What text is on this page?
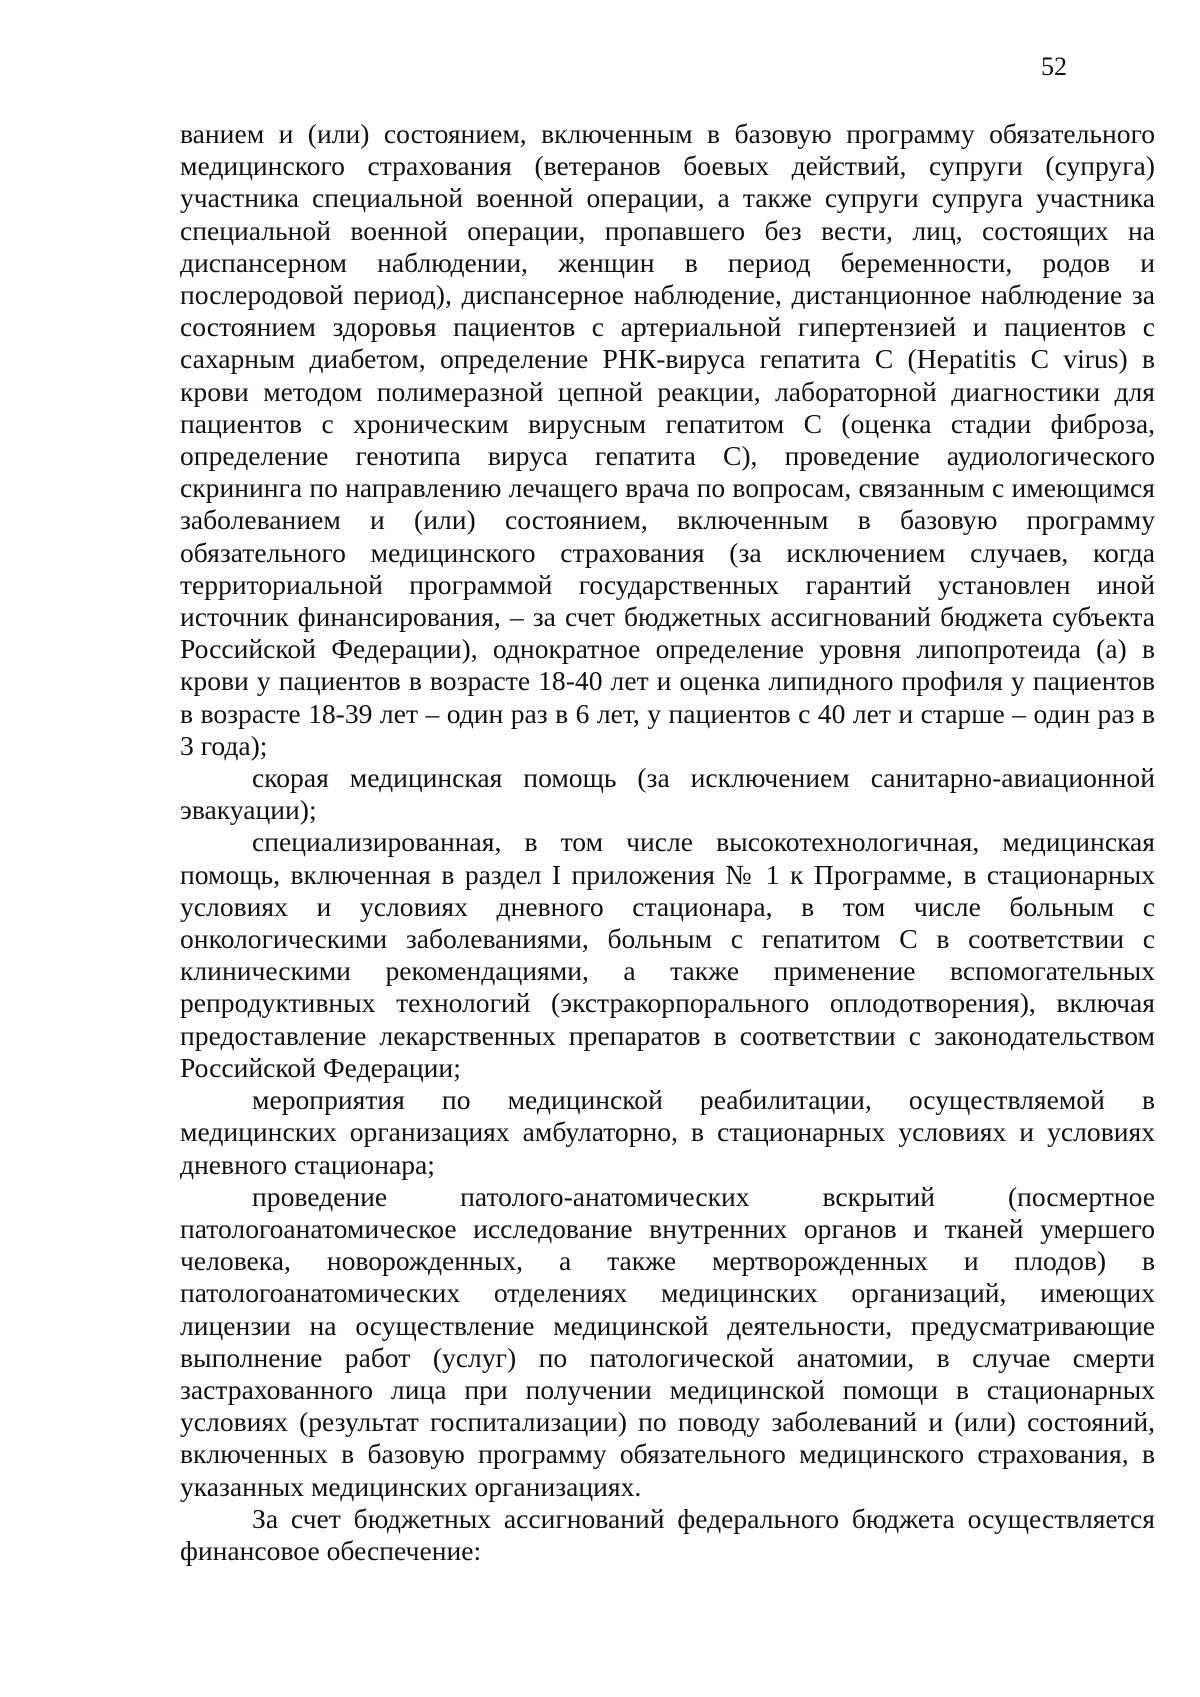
52

ванием и (или) состоянием, включенным в базовую программу обязательного медицинского страхования (ветеранов боевых действий, супруги (супруга) участника специальной военной операции, а также супруги супруга участника специальной военной операции, пропавшего без вести, лиц, состоящих на диспансерном наблюдении, женщин в период беременности, родов и послеродовой период), диспансерное наблюдение, дистанционное наблюдение за состоянием здоровья пациентов с артериальной гипертензией и пациентов с сахарным диабетом, определение РНК-вируса гепатита С (Hepatitis С virus) в крови методом полимеразной цепной реакции, лабораторной диагностики для пациентов с хроническим вирусным гепатитом С (оценка стадии фиброза, определение генотипа вируса гепатита С), проведение аудиологического скрининга по направлению лечащего врача по вопросам, связанным с имеющимся заболеванием и (или) состоянием, включенным в базовую программу обязательного медицинского страхования (за исключением случаев, когда территориальной программой государственных гарантий установлен иной источник финансирования, – за счет бюджетных ассигнований бюджета субъекта Российской Федерации), однократное определение уровня липопротеида (а) в крови у пациентов в возрасте 18-40 лет и оценка липидного профиля у пациентов в возрасте 18-39 лет – один раз в 6 лет, у пациентов с 40 лет и старше – один раз в 3 года);

скорая медицинская помощь (за исключением санитарно-авиационной эвакуации);

специализированная, в том числе высокотехнологичная, медицинская помощь, включенная в раздел I приложения № 1 к Программе, в стационарных условиях и условиях дневного стационара, в том числе больным с онкологическими заболеваниями, больным с гепатитом С в соответствии с клиническими рекомендациями, а также применение вспомогательных репродуктивных технологий (экстракорпорального оплодотворения), включая предоставление лекарственных препаратов в соответствии с законодательством Российской Федерации;

мероприятия по медицинской реабилитации, осуществляемой в медицинских организациях амбулаторно, в стационарных условиях и условиях дневного стационара;

проведение патолого-анатомических вскрытий (посмертное патологоанатомическое исследование внутренних органов и тканей умершего человека, новорожденных, а также мертворожденных и плодов) в патологоанатомических отделениях медицинских организаций, имеющих лицензии на осуществление медицинской деятельности, предусматривающие выполнение работ (услуг) по патологической анатомии, в случае смерти застрахованного лица при получении медицинской помощи в стационарных условиях (результат госпитализации) по поводу заболеваний и (или) состояний, включенных в базовую программу обязательного медицинского страхования, в указанных медицинских организациях.

За счет бюджетных ассигнований федерального бюджета осуществляется финансовое обеспечение:
